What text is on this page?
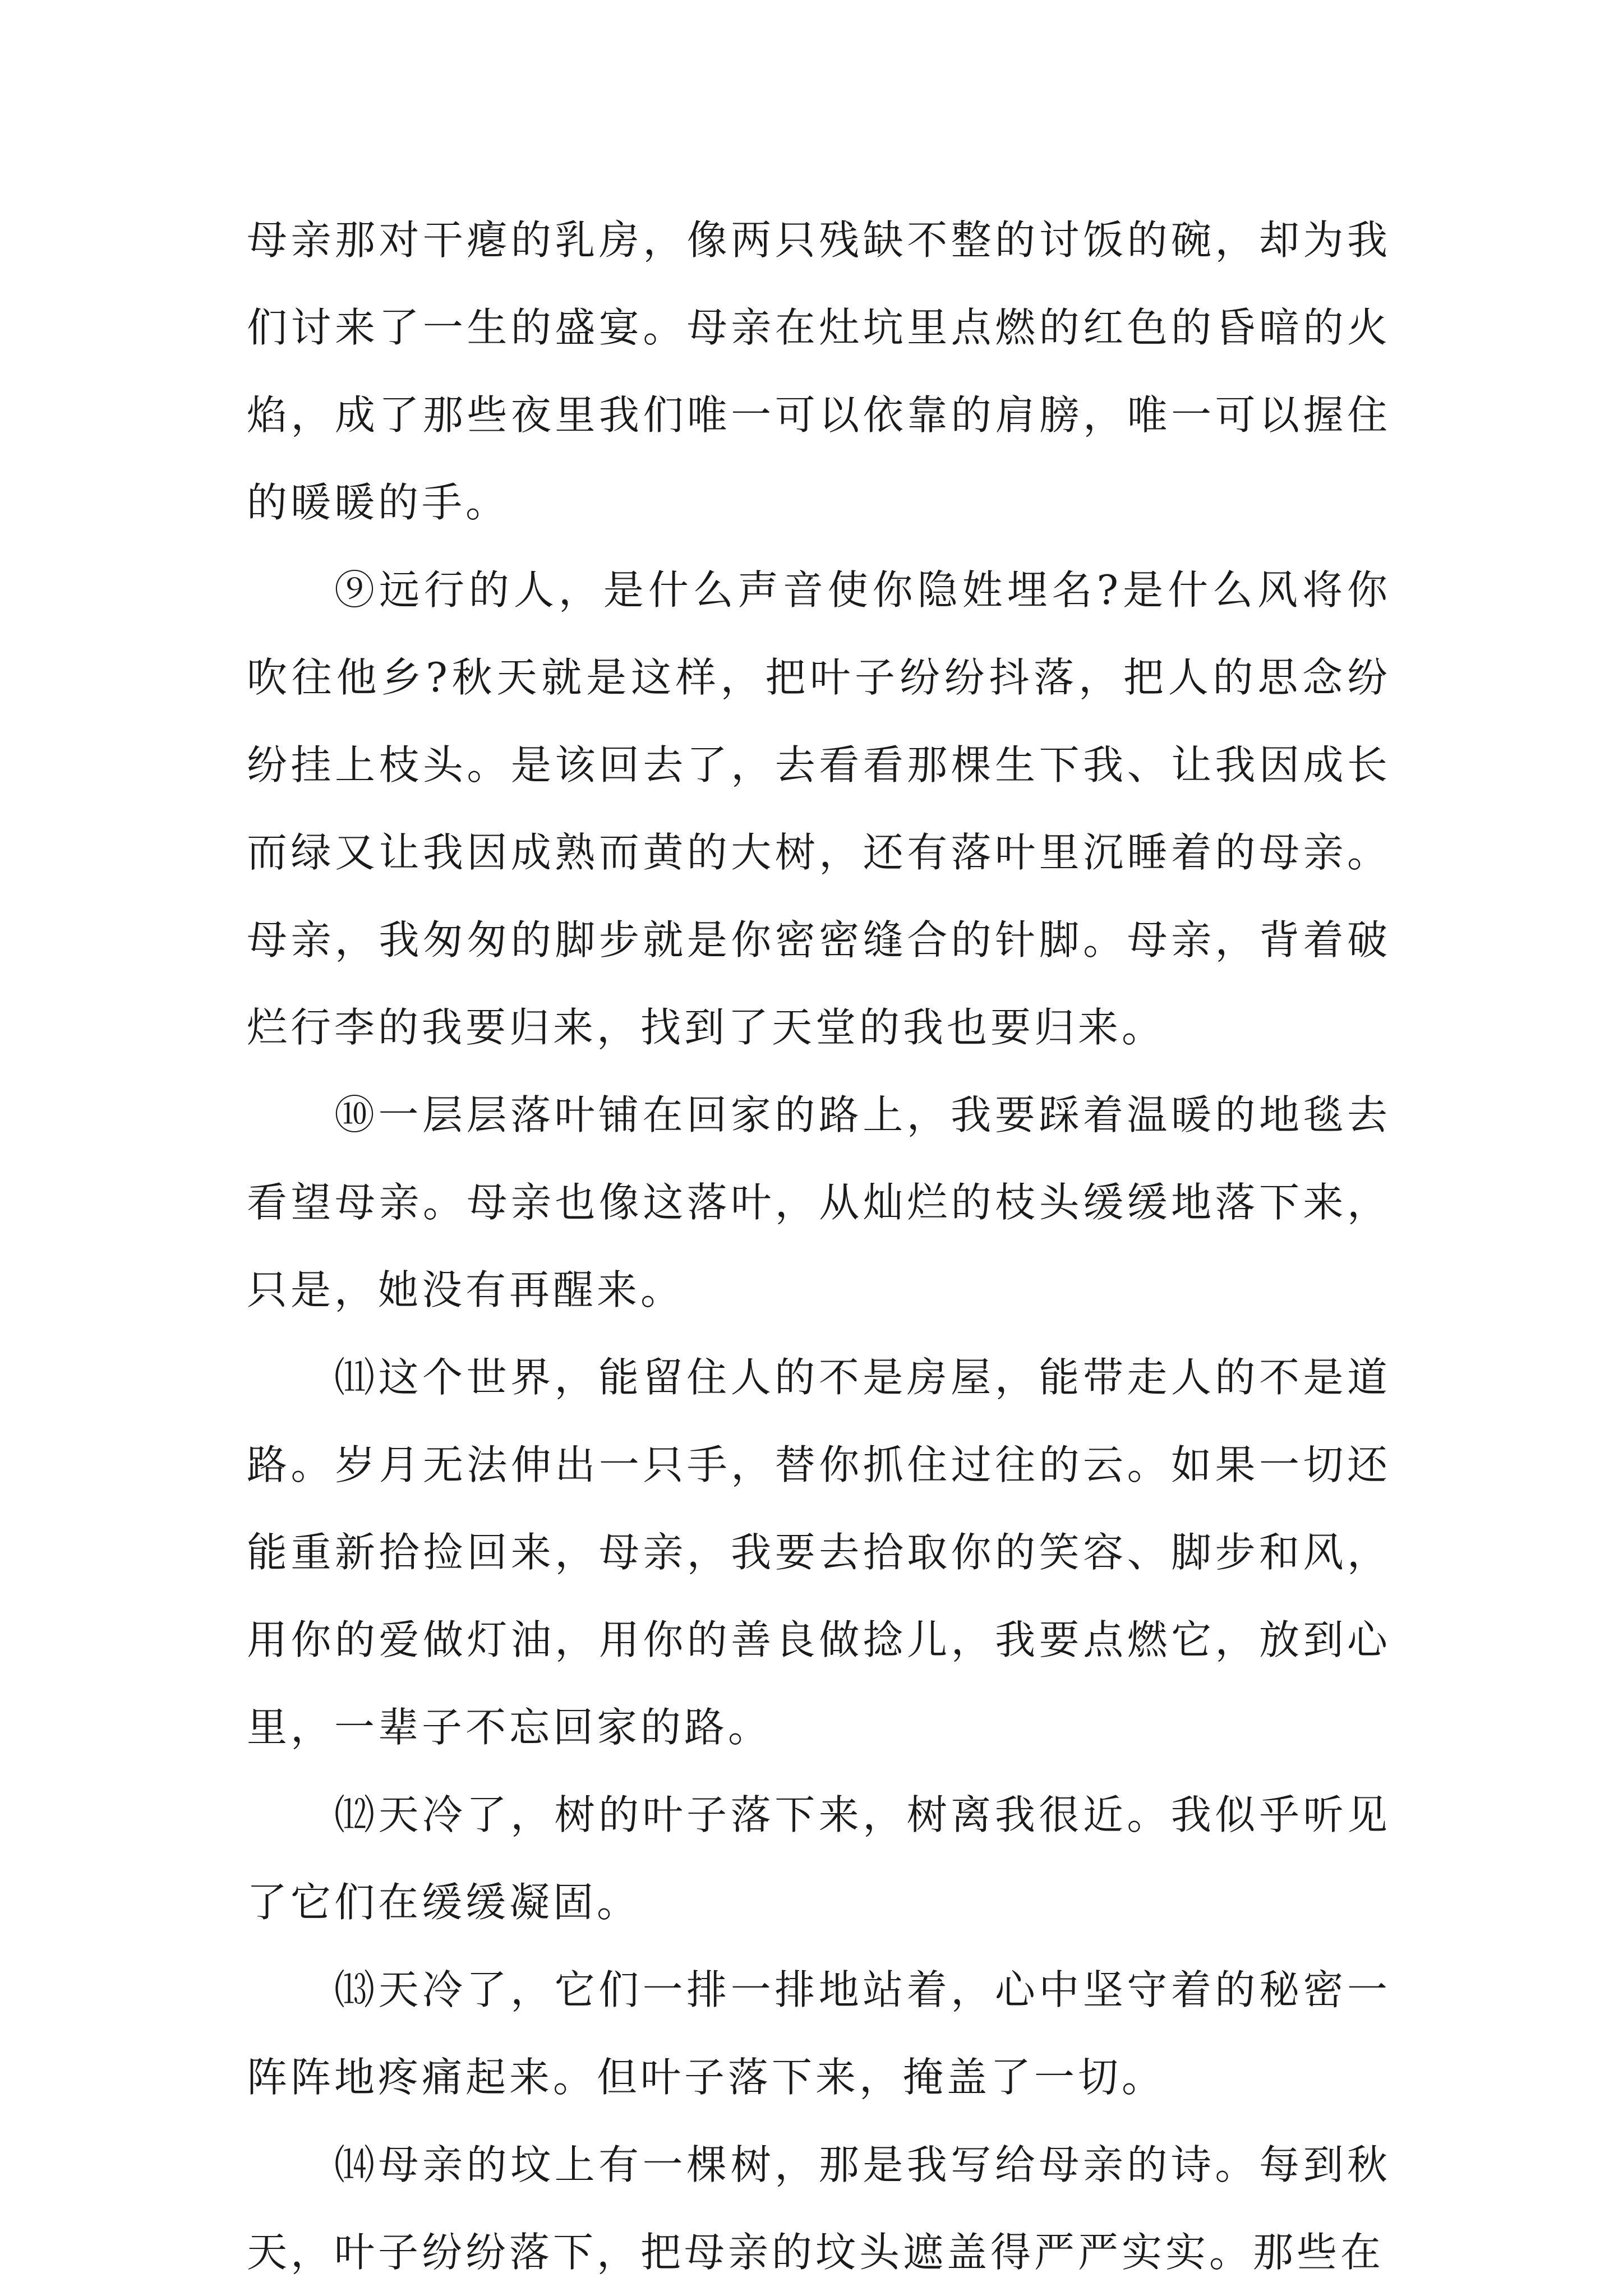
母亲那对干瘪的乳房，像两只残缺不整的讨饭的碗，却为我们讨来了一生的盛宴。母亲在灶坑里点燃的红色的昏暗的火焰，成了那些夜里我们唯一可以依靠的肩膀，唯一可以握住的暖暖的手。

⑨远行的人，是什么声音使你隐姓埋名?是什么风将你吹往他乡?秋天就是这样，把叶子纷纷抖落，把人的思念纷纷挂上枝头。是该回去了，去看看那棵生下我、让我因成长而绿又让我因成熟而黄的大树，还有落叶里沉睡着的母亲。母亲，我匆匆的脚步就是你密密缝合的针脚。母亲，背着破烂行李的我要归来，找到了天堂的我也要归来。

⑩一层层落叶铺在回家的路上，我要踩着温暖的地毯去看望母亲。母亲也像这落叶，从灿烂的枝头缓缓地落下来，只是，她没有再醒来。

⑾这个世界，能留住人的不是房屋，能带走人的不是道路。岁月无法伸出一只手，替你抓住过往的云。如果一切还能重新拾捡回来，母亲，我要去拾取你的笑容、脚步和风，用你的爱做灯油，用你的善良做捻儿，我要点燃它，放到心里，一辈子不忘回家的路。

⑿天冷了，树的叶子落下来，树离我很近。我似乎听见了它们在缓缓凝固。

⒀天冷了，它们一排一排地站着，心中坚守着的秘密一阵阵地疼痛起来。但叶子落下来，掩盖了一切。

⒁母亲的坟上有一棵树，那是我写给母亲的诗。每到秋天，叶子纷纷落下，把母亲的坟头遮盖得严严实实。那些在
